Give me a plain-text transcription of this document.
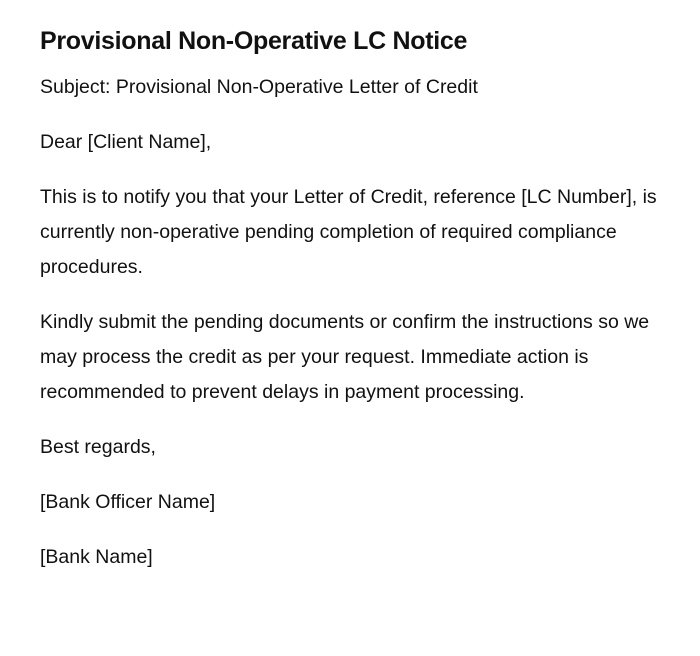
Provisional Non-Operative LC Notice

Subject: Provisional Non-Operative Letter of Credit

Dear [Client Name],

This is to notify you that your Letter of Credit, reference [LC Number], is currently non-operative pending completion of required compliance procedures.

Kindly submit the pending documents or confirm the instructions so we may process the credit as per your request. Immediate action is recommended to prevent delays in payment processing.

Best regards,

[Bank Officer Name]

[Bank Name]
